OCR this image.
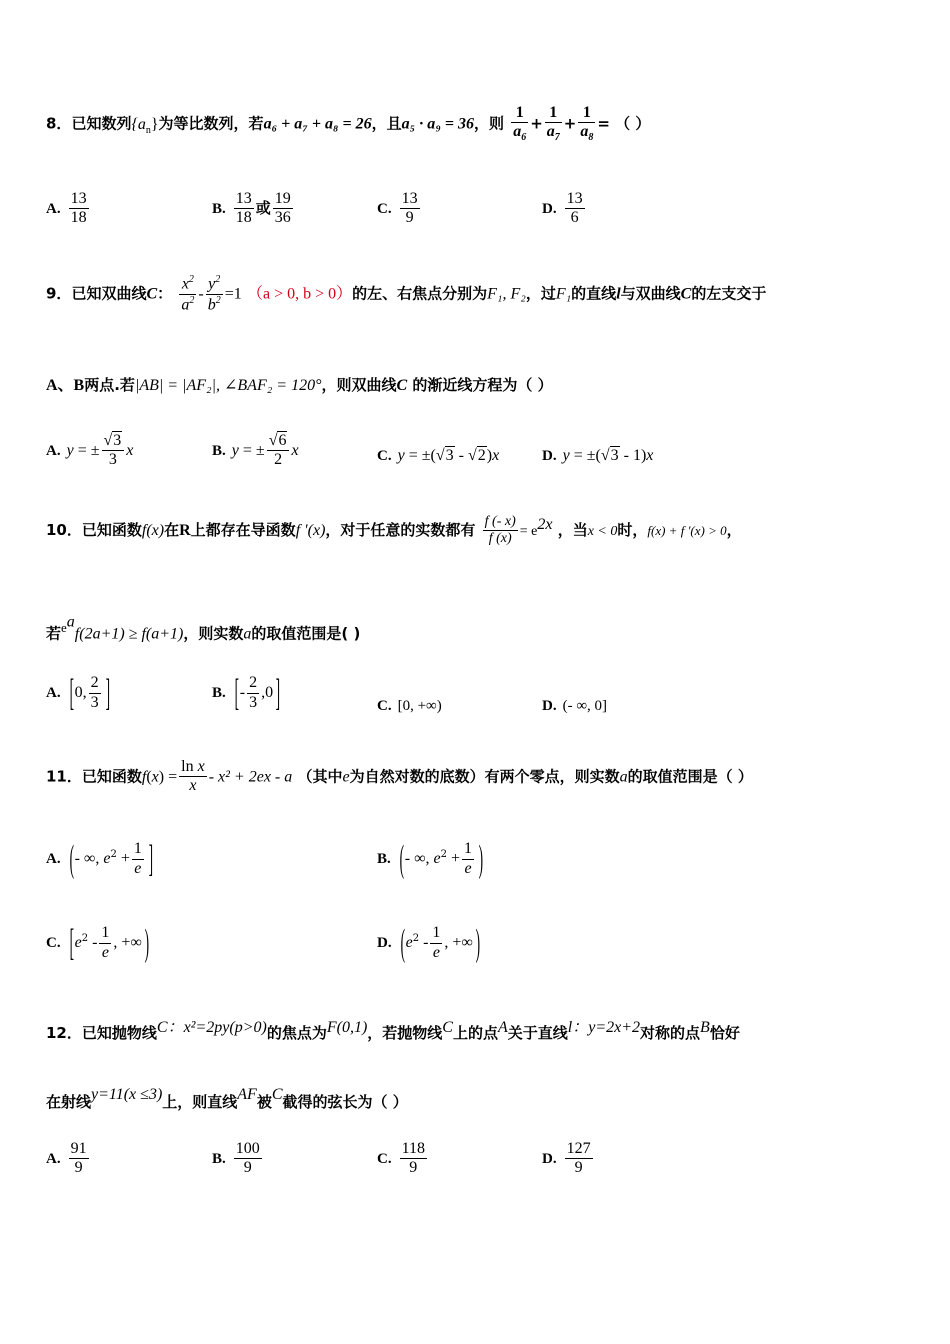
8．已知数列$\{a_n\}$为等比数列，若a₆ + a₇ + a₈ = 26，且a₅ · a₉ = 36，则 $\frac{1}{a_6} + \frac{1}{a_7} + \frac{1}{a_8}$ = （ ）
A. $\frac{13}{18}$	B. $\frac{13}{18}$ 或 $\frac{19}{36}$	C. $\frac{13}{9}$	D. $\frac{13}{6}$
9．已知双曲线C： $\frac{x^2}{a^2} - \frac{y^2}{b^2} =1$ （a > 0, b > 0）的左、右焦点分别为F₁, F₂，过F₁的直线l与双曲线C的左支交于
A、B两点.若|AB| = |AF₂|, ∠BAF₂ = 120°，则双曲线C 的渐近线方程为（ ）
A. y = ± $\frac{√3}{3}$ x	B. y = ± $\frac{√6}{2}$ x	C. y = ±(√3 - √2)x	D. y = ±(√3 - 1)x
10．已知函数f(x)在R上都存在导函数f ′(x)，对于任意的实数都有 $\frac{f (- x)}{f (x)} = e^{2x}$ ，当x < 0时，f(x) + f ′(x) > 0，
若$e^af(2a+1) \ge f(a+1)$，则实数a的取值范围是( )
A. [0, $\frac{2}{3}$ ]	B. [- $\frac{2}{3} ,0$]	C. [0, +∞)	D. (- ∞, 0]
11．已知函数$f(x) = \frac{\text{ln x}}{x} - x^2 + 2ex - a$ （其中e为自然对数的底数）有两个零点，则实数a的取值范围是（ ）
A. (- ∞, $e^2 + \frac{1}{e}$ ]	B. (- ∞, $e^2 + \frac{1}{e}$ )
C. [$e^2 - \frac{1}{e}$ , +∞)	D. ($e^2 - \frac{1}{e}$ , +∞)
12．已知抛物线C：x²=2py(p>0)的焦点为F(0,1)，若抛物线C上的点A关于直线l：y=2x+2对称的点B恰好
在射线y=11(x ≤3)上，则直线AF被C截得的弦长为（ ）
A. $\frac{91}{9}$	B. $\frac{100}{9}$	C. $\frac{118}{9}$	D. $\frac{127}{9}$
